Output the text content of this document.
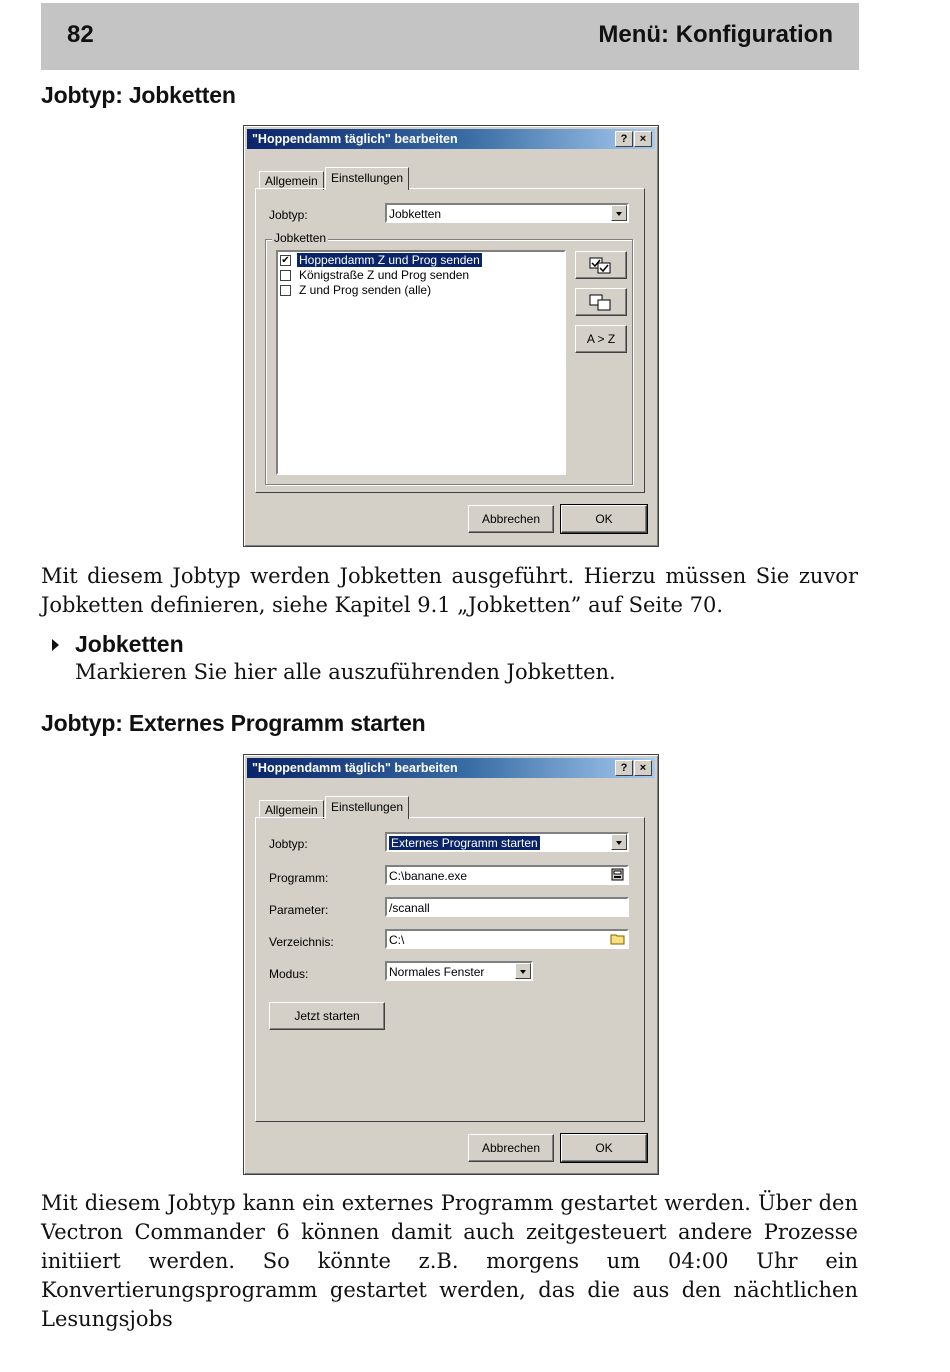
82	Menü: Konfiguration
Jobtyp: Jobketten
"Hoppendamm täglich" bearbeiten	?	×
Allgemein	Einstellungen
Jobtyp:	Jobketten
Jobketten
✔ Hoppendamm Z und Prog senden
Königstraße Z und Prog senden
Z und Prog senden (alle)
A > Z
Abbrechen	OK

Mit diesem Jobtyp werden Jobketten ausgeführt. Hierzu müssen Sie zuvor Jobketten definieren, siehe Kapitel 9.1 „Jobketten” auf Seite 70.

Jobketten
Markieren Sie hier alle auszuführenden Jobketten.
Jobtyp: Externes Programm starten
"Hoppendamm täglich" bearbeiten	?	×
Allgemein	Einstellungen
Jobtyp:	Externes Programm starten
Programm:	C:\banane.exe
Parameter:	/scanall
Verzeichnis:	C:\
Modus:	Normales Fenster
Jetzt starten
Abbrechen	OK

Mit diesem Jobtyp kann ein externes Programm gestartet werden. Über den Vectron Commander 6 können damit auch zeitgesteuert andere Prozesse initiiert werden. So könnte z.B. morgens um 04:00 Uhr ein Konvertierungsprogramm gestartet werden, das die aus den nächtlichen Lesungsjobs
